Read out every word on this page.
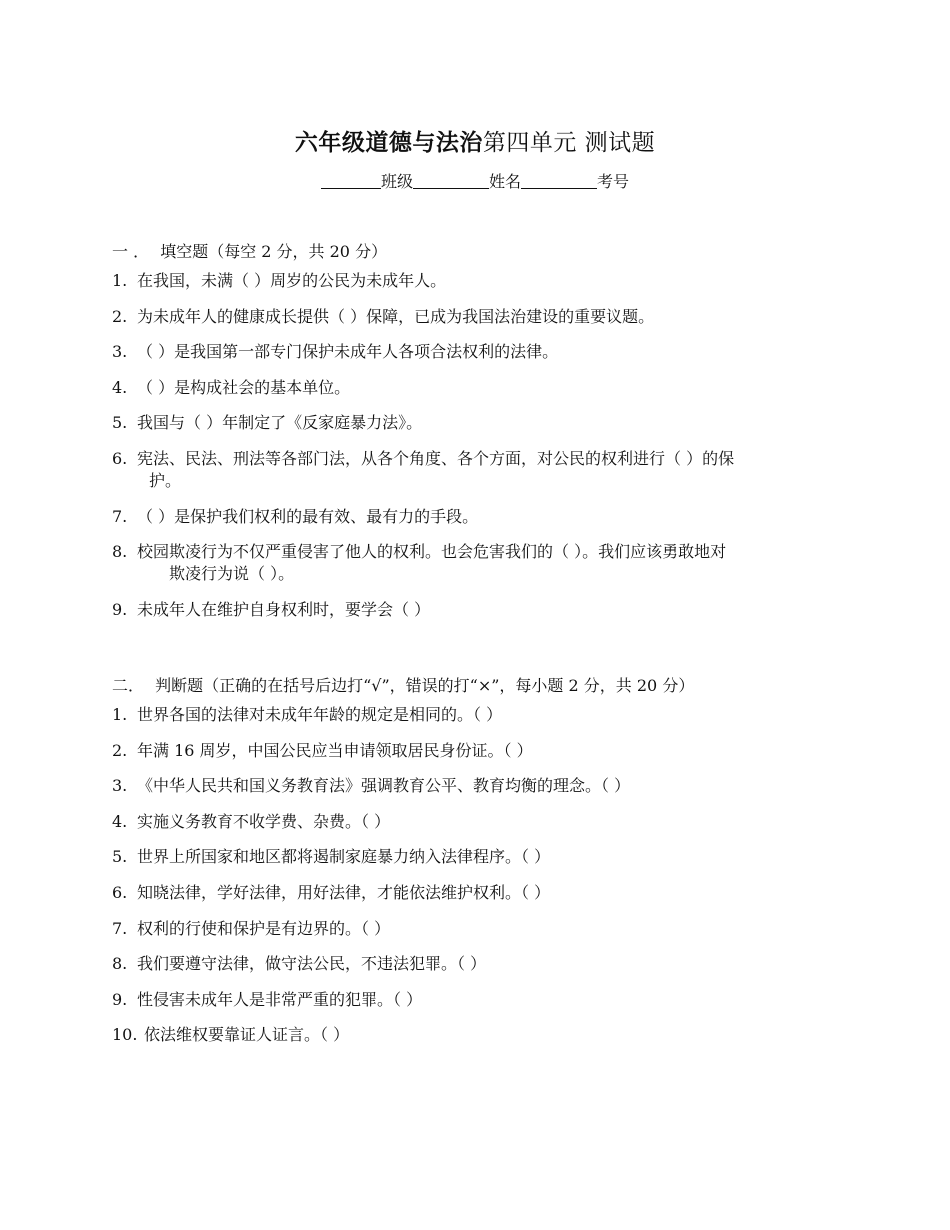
六年级道德与法治第四单元 测试题
班级	姓名	考号
一 ． 填空题（每空 2 分，共 20 分）
1. 在我国，未满（ ）周岁的公民为未成年人。
2. 为未成年人的健康成长提供（ ）保障，已成为我国法治建设的重要议题。
3. （ ）是我国第一部专门保护未成年人各项合法权利的法律。
4. （ ）是构成社会的基本单位。
5. 我国与（ ）年制定了《反家庭暴力法》。
6. 宪法、民法、刑法等各部门法，从各个角度、各个方面，对公民的权利进行（ ）的保
护。
7. （ ）是保护我们权利的最有效、最有力的手段。
8. 校园欺凌行为不仅严重侵害了他人的权利。也会危害我们的（ ）。我们应该勇敢地对
欺凌行为说（ ）。
9. 未成年人在维护自身权利时，要学会（ ）
二． 判断题（正确的在括号后边打“√”，错误的打“×”，每小题 2 分，共 20 分）
1. 世界各国的法律对未成年年龄的规定是相同的。（ ）
2. 年满 16 周岁，中国公民应当申请领取居民身份证。（ ）
3. 《中华人民共和国义务教育法》强调教育公平、教育均衡的理念。（ ）
4. 实施义务教育不收学费、杂费。（ ）
5. 世界上所国家和地区都将遏制家庭暴力纳入法律程序。（ ）
6. 知晓法律，学好法律，用好法律，才能依法维护权利。（ ）
7. 权利的行使和保护是有边界的。（ ）
8. 我们要遵守法律，做守法公民，不违法犯罪。（ ）
9. 性侵害未成年人是非常严重的犯罪。（ ）
10. 依法维权要靠证人证言。（ ）
